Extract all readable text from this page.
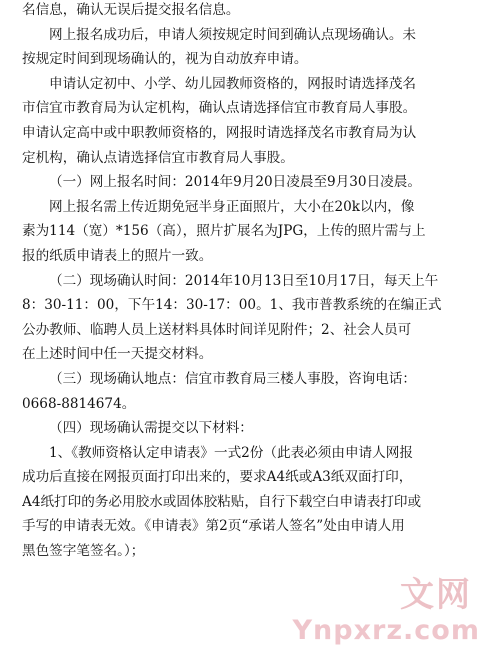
名信息，确认无误后提交报名信息。
网上报名成功后，申请人须按规定时间到确认点现场确认。未
按规定时间到现场确认的，视为自动放弃申请。
申请认定初中、小学、幼儿园教师资格的，网报时请选择茂名
市信宜市教育局为认定机构，确认点请选择信宜市教育局人事股。
申请认定高中或中职教师资格的，网报时请选择茂名市教育局为认
定机构，确认点请选择信宜市教育局人事股。
（一）网上报名时间：2014年9月20日凌晨至9月30日凌晨。
网上报名需上传近期免冠半身正面照片，大小在20k以内，像
素为114（宽）*156（高），照片扩展名为JPG，上传的照片需与上
报的纸质申请表上的照片一致。
（二）现场确认时间：2014年10月13日至10月17日，每天上午
8：30-11：00，下午14：30-17：00。1、我市普教系统的在编正式
公办教师、临聘人员上送材料具体时间详见附件；2、社会人员可
在上述时间中任一天提交材料。
（三）现场确认地点：信宜市教育局三楼人事股，咨询电话：
0668-8814674。
（四）现场确认需提交以下材料：
1、《教师资格认定申请表》一式2份（此表必须由申请人网报
成功后直接在网报页面打印出来的，要求A4纸或A3纸双面打印，
A4纸打印的务必用胶水或固体胶粘贴，自行下载空白申请表打印或
手写的申请表无效。《申请表》第2页“承诺人签名”处由申请人用
黑色签字笔签名。）；
文网
Ynpxrz.com
